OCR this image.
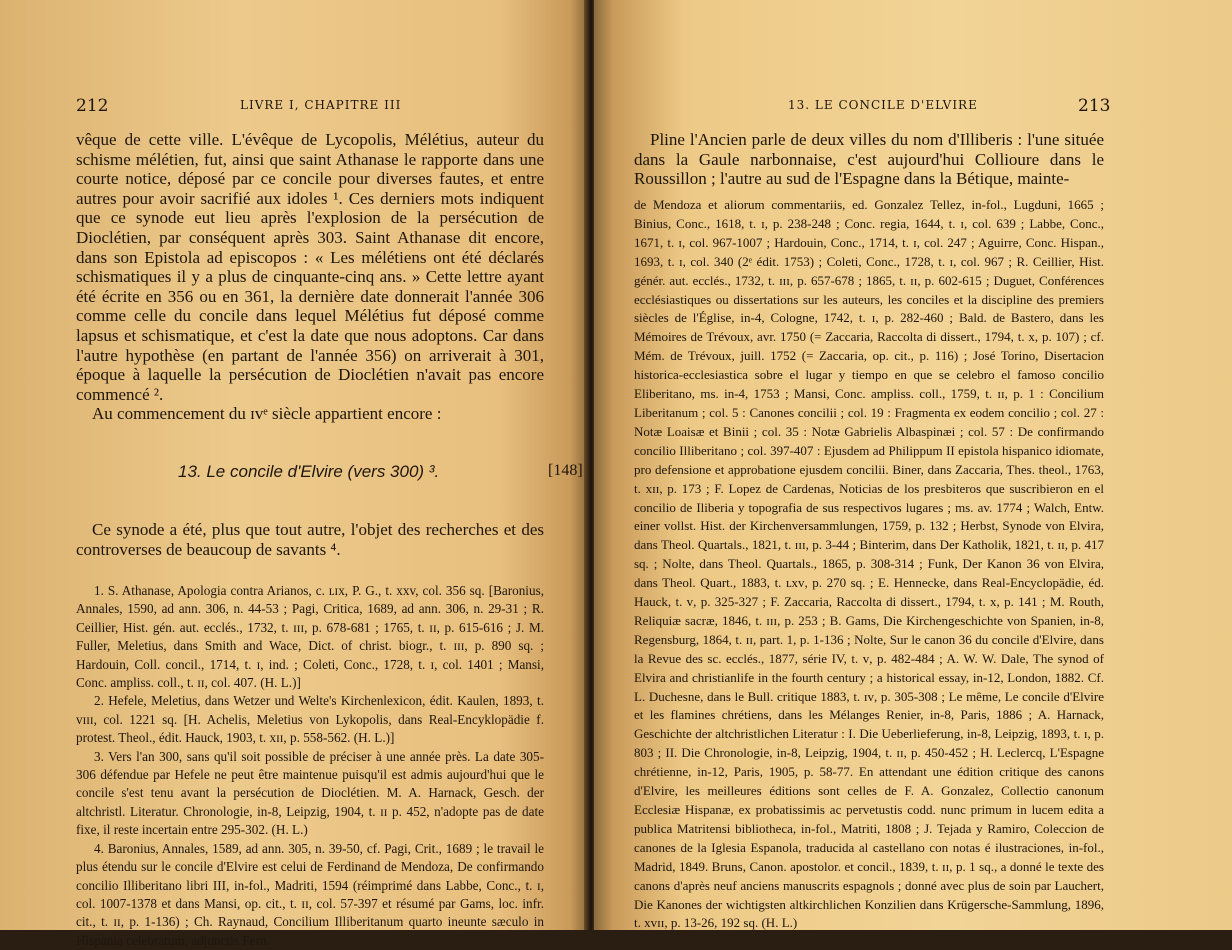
212	LIVRE I, CHAPITRE III

vêque de cette ville. L'évêque de Lycopolis, Mélétius, auteur du schisme mélétien, fut, ainsi que saint Athanase le rapporte dans une courte notice, déposé par ce concile pour diverses fautes, et entre autres pour avoir sacrifié aux idoles ¹. Ces derniers mots indiquent que ce synode eut lieu après l'explosion de la persécution de Dioclétien, par conséquent après 303. Saint Athanase dit encore, dans son Epistola ad episcopos : « Les mélétiens ont été déclarés schismatiques il y a plus de cinquante-cinq ans. » Cette lettre ayant été écrite en 356 ou en 361, la dernière date donnerait l'année 306 comme celle du concile dans lequel Mélétius fut déposé comme lapsus et schismatique, et c'est la date que nous adoptons. Car dans l'autre hypothèse (en partant de l'année 356) on arriverait à 301, époque à laquelle la persécution de Dioclétien n'avait pas encore commencé ².

Au commencement du ɪᴠᵉ siècle appartient encore :

13. Le concile d'Elvire (vers 300) ³.	[148]

Ce synode a été, plus que tout autre, l'objet des recherches et des controverses de beaucoup de savants ⁴.

1. S. Athanase, Apologia contra Arianos, c. ʟɪx, P. G., t. xxv, col. 356 sq. [Baronius, Annales, 1590, ad ann. 306, n. 44-53 ; Pagi, Critica, 1689, ad ann. 306, n. 29-31 ; R. Ceillier, Hist. gén. aut. ecclés., 1732, t. ɪɪɪ, p. 678-681 ; 1765, t. ɪɪ, p. 615-616 ; J. M. Fuller, Meletius, dans Smith and Wace, Dict. of christ. biogr., t. ɪɪɪ, p. 890 sq. ; Hardouin, Coll. concil., 1714, t. ɪ, ind. ; Coleti, Conc., 1728, t. ɪ, col. 1401 ; Mansi, Conc. ampliss. coll., t. ɪɪ, col. 407. (H. L.)]

2. Hefele, Meletius, dans Wetzer und Welte's Kirchenlexicon, édit. Kaulen, 1893, t. ᴠɪɪɪ, col. 1221 sq. [H. Achelis, Meletius von Lykopolis, dans Real-Encyklopädie f. protest. Theol., édit. Hauck, 1903, t. xɪɪ, p. 558-562. (H. L.)]

3. Vers l'an 300, sans qu'il soit possible de préciser à une année près. La date 305-306 défendue par Hefele ne peut être maintenue puisqu'il est admis aujourd'hui que le concile s'est tenu avant la persécution de Dioclétien. M. A. Harnack, Gesch. der altchristl. Literatur. Chronologie, in-8, Leipzig, 1904, t. ɪɪ p. 452, n'adopte pas de date fixe, il reste incertain entre 295-302. (H. L.)

4. Baronius, Annales, 1589, ad ann. 305, n. 39-50, cf. Pagi, Crit., 1689 ; le travail le plus étendu sur le concile d'Elvire est celui de Ferdinand de Mendoza, De confirmando concilio Illiberitano libri III, in-fol., Madriti, 1594 (réimprimé dans Labbe, Conc., t. ɪ, col. 1007-1378 et dans Mansi, op. cit., t. ɪɪ, col. 57-397 et résumé par Gams, loc. infr. cit., t. ɪɪ, p. 1-136) ; Ch. Raynaud, Concilium Illiberitanum quarto ineunte sæculo in Hispania celebratum, adjunctis Fern.

13. LE CONCILE D'ELVIRE	213

Pline l'Ancien parle de deux villes du nom d'Illiberis : l'une située dans la Gaule narbonnaise, c'est aujourd'hui Collioure dans le Roussillon ; l'autre au sud de l'Espagne dans la Bétique, mainte-

de Mendoza et aliorum commentariis, ed. Gonzalez Tellez, in-fol., Lugduni, 1665 ; Binius, Conc., 1618, t. ɪ, p. 238-248 ; Conc. regia, 1644, t. ɪ, col. 639 ; Labbe, Conc., 1671, t. ɪ, col. 967-1007 ; Hardouin, Conc., 1714, t. ɪ, col. 247 ; Aguirre, Conc. Hispan., 1693, t. ɪ, col. 340 (2ᵉ édit. 1753) ; Coleti, Conc., 1728, t. ɪ, col. 967 ; R. Ceillier, Hist. génér. aut. ecclés., 1732, t. ɪɪɪ, p. 657-678 ; 1865, t. ɪɪ, p. 602-615 ; Duguet, Conférences ecclésiastiques ou dissertations sur les auteurs, les conciles et la discipline des premiers siècles de l'Église, in-4, Cologne, 1742, t. ɪ, p. 282-460 ; Bald. de Bastero, dans les Mémoires de Trévoux, avr. 1750 (= Zaccaria, Raccolta di dissert., 1794, t. x, p. 107) ; cf. Mém. de Trévoux, juill. 1752 (= Zaccaria, op. cit., p. 116) ; José Torino, Disertacion historica-ecclesiastica sobre el lugar y tiempo en que se celebro el famoso concilio Eliberitano, ms. in-4, 1753 ; Mansi, Conc. ampliss. coll., 1759, t. ɪɪ, p. 1 : Concilium Liberitanum ; col. 5 : Canones concilii ; col. 19 : Fragmenta ex eodem concilio ; col. 27 : Notæ Loaisæ et Binii ; col. 35 : Notæ Gabrielis Albaspinæi ; col. 57 : De confirmando concilio Illiberitano ; col. 397-407 : Ejusdem ad Philippum II epistola hispanico idiomate, pro defensione et approbatione ejusdem concilii. Biner, dans Zaccaria, Thes. theol., 1763, t. xɪɪ, p. 173 ; F. Lopez de Cardenas, Noticias de los presbiteros que suscribieron en el concilio de Iliberia y topografia de sus respectivos lugares ; ms. av. 1774 ; Walch, Entw. einer vollst. Hist. der Kirchenversammlungen, 1759, p. 132 ; Herbst, Synode von Elvira, dans Theol. Quartals., 1821, t. ɪɪɪ, p. 3-44 ; Binterim, dans Der Katholik, 1821, t. ɪɪ, p. 417 sq. ; Nolte, dans Theol. Quartals., 1865, p. 308-314 ; Funk, Der Kanon 36 von Elvira, dans Theol. Quart., 1883, t. ʟxᴠ, p. 270 sq. ; E. Hennecke, dans Real-Encyclopädie, éd. Hauck, t. ᴠ, p. 325-327 ; F. Zaccaria, Raccolta di dissert., 1794, t. x, p. 141 ; M. Routh, Reliquiæ sacræ, 1846, t. ɪɪɪ, p. 253 ; B. Gams, Die Kirchengeschichte von Spanien, in-8, Regensburg, 1864, t. ɪɪ, part. 1, p. 1-136 ; Nolte, Sur le canon 36 du concile d'Elvire, dans la Revue des sc. ecclés., 1877, série IV, t. ᴠ, p. 482-484 ; A. W. W. Dale, The synod of Elvira and christianlife in the fourth century ; a historical essay, in-12, London, 1882. Cf. L. Duchesne, dans le Bull. critique 1883, t. ɪᴠ, p. 305-308 ; Le même, Le concile d'Elvire et les flamines chrétiens, dans les Mélanges Renier, in-8, Paris, 1886 ; A. Harnack, Geschichte der altchristlichen Literatur : I. Die Ueberlieferung, in-8, Leipzig, 1893, t. ɪ, p. 803 ; II. Die Chronologie, in-8, Leipzig, 1904, t. ɪɪ, p. 450-452 ; H. Leclercq, L'Espagne chrétienne, in-12, Paris, 1905, p. 58-77. En attendant une édition critique des canons d'Elvire, les meilleures éditions sont celles de F. A. Gonzalez, Collectio canonum Ecclesiæ Hispanæ, ex probatissimis ac pervetustis codd. nunc primum in lucem edita a publica Matritensi bibliotheca, in-fol., Matriti, 1808 ; J. Tejada y Ramiro, Coleccion de canones de la Iglesia Espanola, traducida al castellano con notas é ilustraciones, in-fol., Madrid, 1849. Bruns, Canon. apostolor. et concil., 1839, t. ɪɪ, p. 1 sq., a donné le texte des canons d'après neuf anciens manuscrits espagnols ; donné avec plus de soin par Lauchert, Die Kanones der wichtigsten altkirchlichen Konzilien dans Krügersche-Sammlung, 1896, t. xᴠɪɪ, p. 13-26, 192 sq. (H. L.)
